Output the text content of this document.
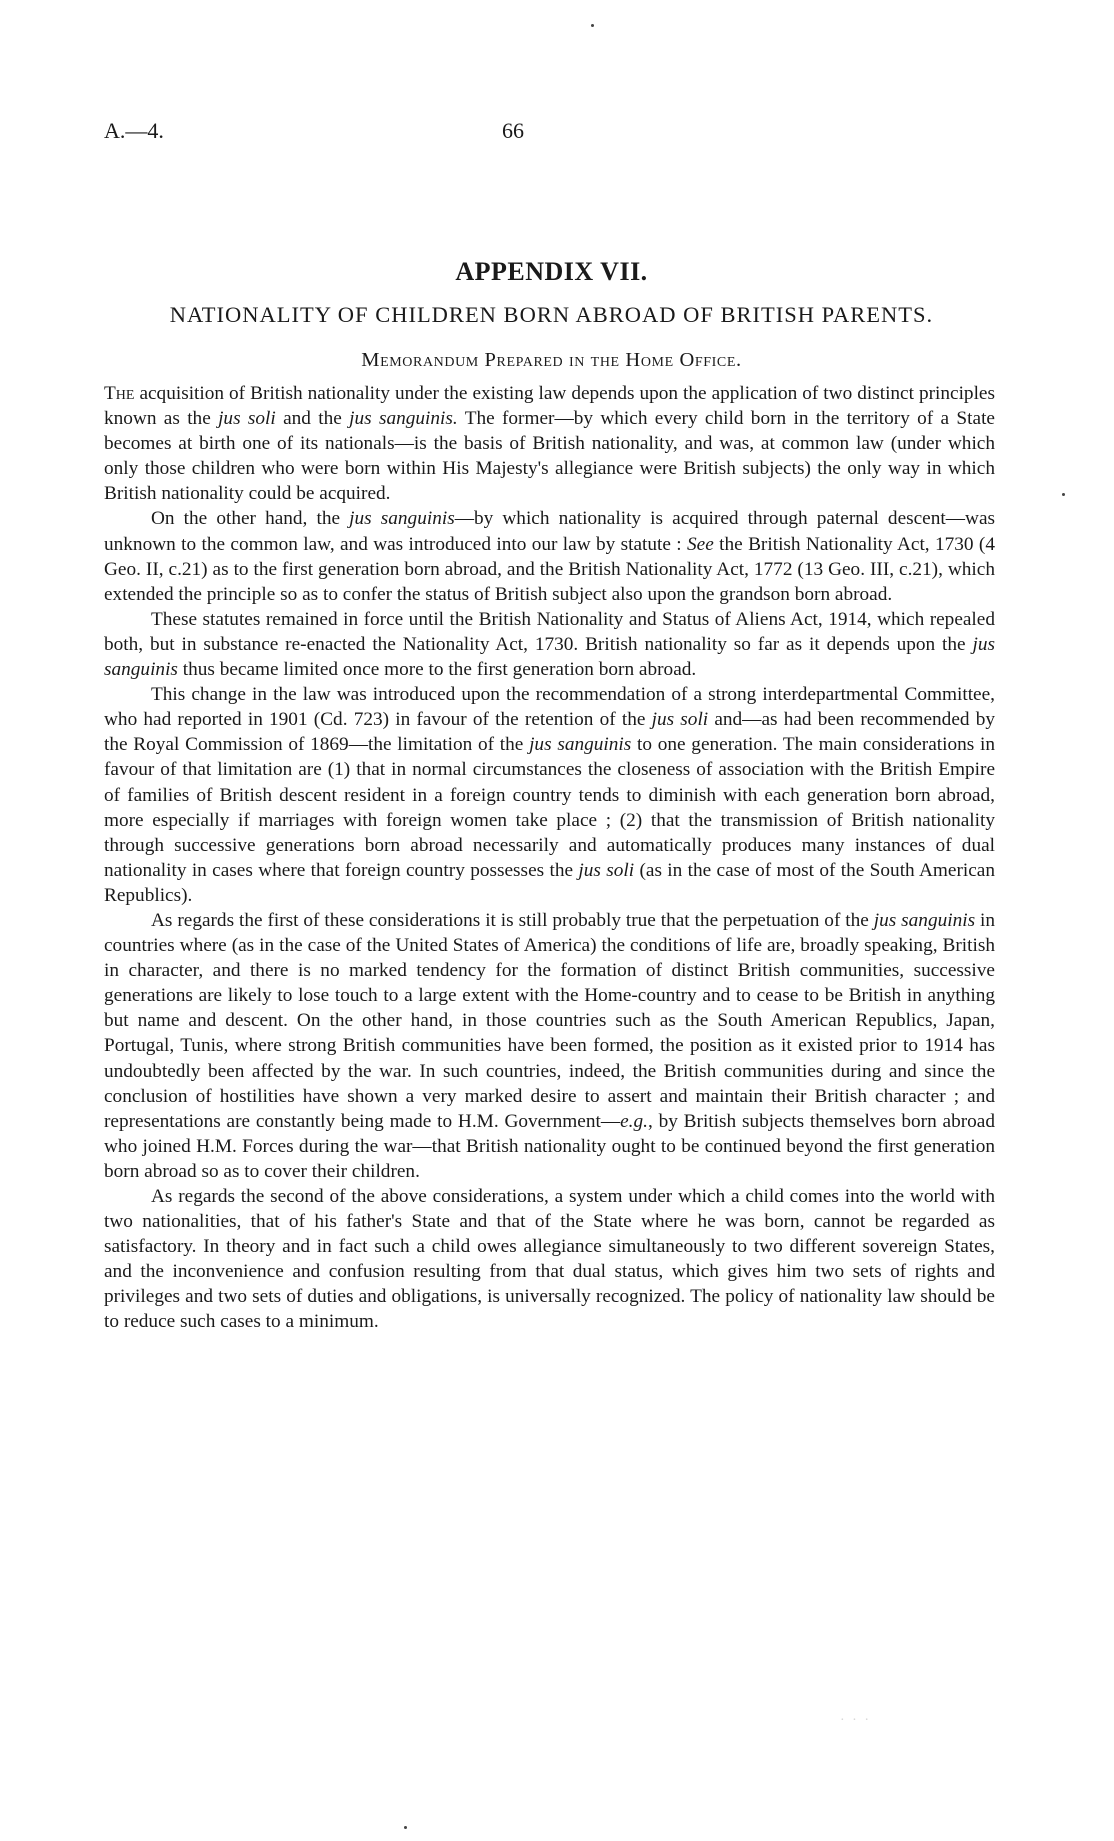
A.—4.	66
APPENDIX VII.
NATIONALITY OF CHILDREN BORN ABROAD OF BRITISH PARENTS.
Memorandum Prepared in the Home Office.

The acquisition of British nationality under the existing law depends upon the application of two distinct principles known as the jus soli and the jus sanguinis. The former—by which every child born in the territory of a State becomes at birth one of its nationals—is the basis of British nationality, and was, at common law (under which only those children who were born within His Majesty's allegiance were British subjects) the only way in which British nationality could be acquired.

On the other hand, the jus sanguinis—by which nationality is acquired through paternal descent—was unknown to the common law, and was introduced into our law by statute : See the British Nationality Act, 1730 (4 Geo. II, c.21) as to the first generation born abroad, and the British Nationality Act, 1772 (13 Geo. III, c.21), which extended the principle so as to confer the status of British subject also upon the grandson born abroad.

These statutes remained in force until the British Nationality and Status of Aliens Act, 1914, which repealed both, but in substance re-enacted the Nationality Act, 1730. British nationality so far as it depends upon the jus sanguinis thus became limited once more to the first generation born abroad.

This change in the law was introduced upon the recommendation of a strong interdepartmental Committee, who had reported in 1901 (Cd. 723) in favour of the retention of the jus soli and—as had been recommended by the Royal Commission of 1869—the limitation of the jus sanguinis to one generation. The main considerations in favour of that limitation are (1) that in normal circumstances the closeness of association with the British Empire of families of British descent resident in a foreign country tends to diminish with each generation born abroad, more especially if marriages with foreign women take place ; (2) that the transmission of British nationality through successive generations born abroad necessarily and automatically produces many instances of dual nationality in cases where that foreign country possesses the jus soli (as in the case of most of the South American Republics).

As regards the first of these considerations it is still probably true that the perpetuation of the jus sanguinis in countries where (as in the case of the United States of America) the conditions of life are, broadly speaking, British in character, and there is no marked tendency for the formation of distinct British communities, successive generations are likely to lose touch to a large extent with the Home-country and to cease to be British in anything but name and descent. On the other hand, in those countries such as the South American Republics, Japan, Portugal, Tunis, where strong British communities have been formed, the position as it existed prior to 1914 has undoubtedly been affected by the war. In such countries, indeed, the British communities during and since the conclusion of hostilities have shown a very marked desire to assert and maintain their British character ; and representations are constantly being made to H.M. Government—e.g., by British subjects themselves born abroad who joined H.M. Forces during the war—that British nationality ought to be continued beyond the first generation born abroad so as to cover their children.

As regards the second of the above considerations, a system under which a child comes into the world with two nationalities, that of his father's State and that of the State where he was born, cannot be regarded as satisfactory. In theory and in fact such a child owes allegiance simultaneously to two different sovereign States, and the inconvenience and confusion resulting from that dual status, which gives him two sets of rights and privileges and two sets of duties and obligations, is universally recognized. The policy of nationality law should be to reduce such cases to a minimum.

· · ·
